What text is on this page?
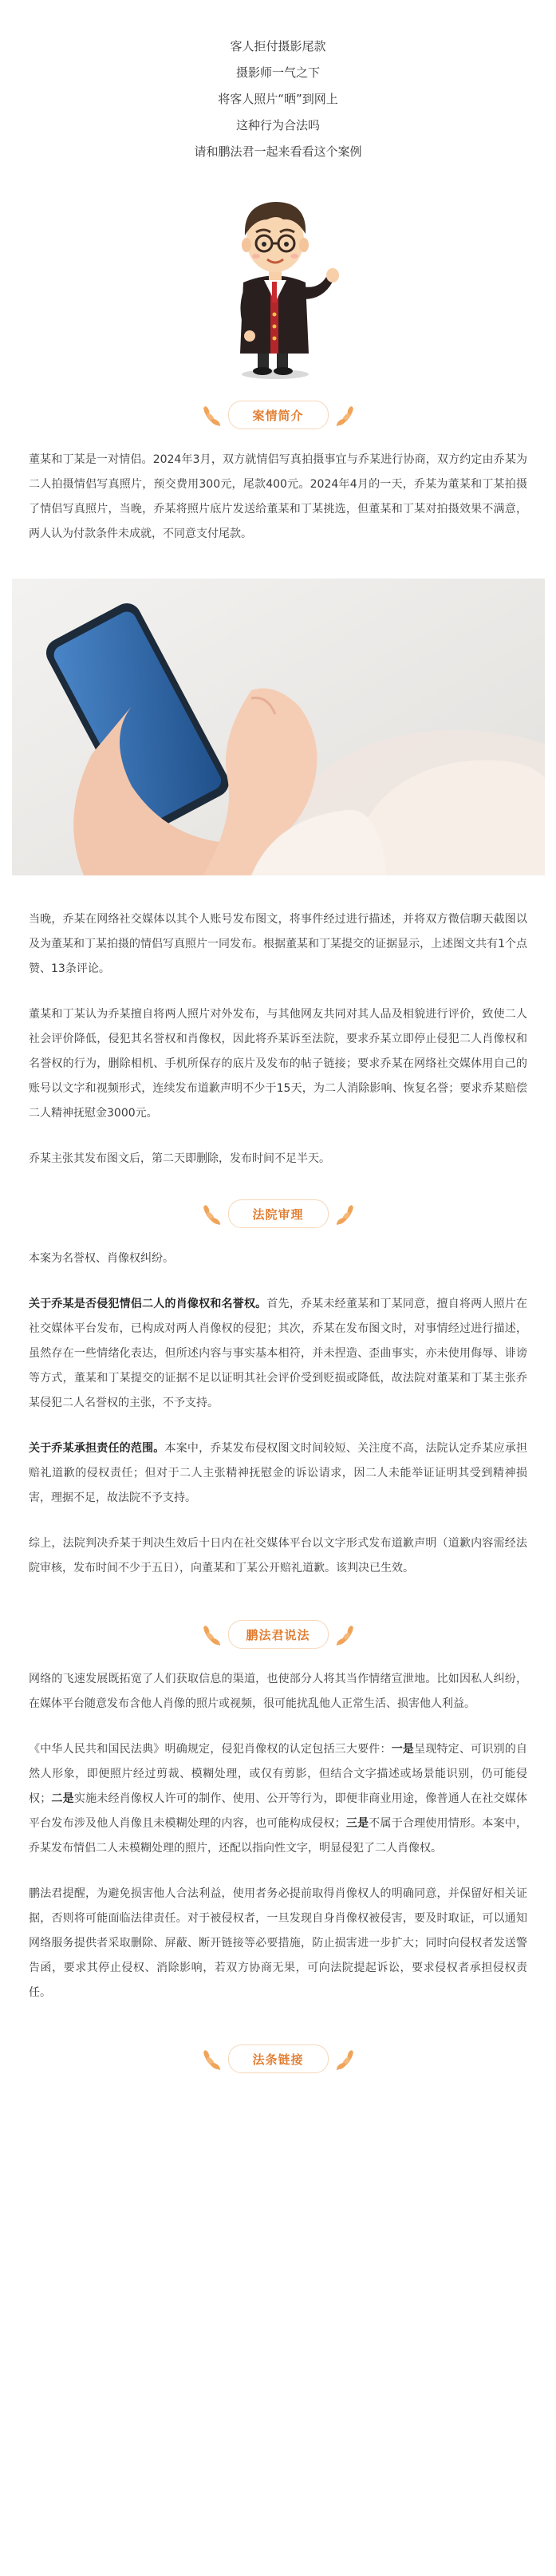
客人拒付摄影尾款
摄影师一气之下
将客人照片“晒”到网上
这种行为合法吗
请和鹏法君一起来看看这个案例
案情简介
董某和丁某是一对情侣。2024年3月，双方就情侣写真拍摄事宜与乔某进行协商，双方约定由乔某为二人拍摄情侣写真照片，预交费用300元，尾款400元。2024年4月的一天，乔某为董某和丁某拍摄了情侣写真照片，当晚，乔某将照片底片发送给董某和丁某挑选，但董某和丁某对拍摄效果不满意，两人认为付款条件未成就，不同意支付尾款。
当晚，乔某在网络社交媒体以其个人账号发布图文，将事件经过进行描述，并将双方微信聊天截图以及为董某和丁某拍摄的情侣写真照片一同发布。根据董某和丁某提交的证据显示，上述图文共有1个点赞、13条评论。
董某和丁某认为乔某擅自将两人照片对外发布，与其他网友共同对其人品及相貌进行评价，致使二人社会评价降低，侵犯其名誉权和肖像权，因此将乔某诉至法院，要求乔某立即停止侵犯二人肖像权和名誉权的行为，删除相机、手机所保存的底片及发布的帖子链接；要求乔某在网络社交媒体用自己的账号以文字和视频形式，连续发布道歉声明不少于15天，为二人消除影响、恢复名誉；要求乔某赔偿二人精神抚慰金3000元。
乔某主张其发布图文后，第二天即删除，发布时间不足半天。
法院审理
本案为名誉权、肖像权纠纷。
关于乔某是否侵犯情侣二人的肖像权和名誉权。首先，乔某未经董某和丁某同意，擅自将两人照片在社交媒体平台发布，已构成对两人肖像权的侵犯；其次，乔某在发布图文时，对事情经过进行描述，虽然存在一些情绪化表达，但所述内容与事实基本相符，并未捏造、歪曲事实，亦未使用侮辱、诽谤等方式，董某和丁某提交的证据不足以证明其社会评价受到贬损或降低，故法院对董某和丁某主张乔某侵犯二人名誉权的主张，不予支持。
关于乔某承担责任的范围。本案中，乔某发布侵权图文时间较短、关注度不高，法院认定乔某应承担赔礼道歉的侵权责任；但对于二人主张精神抚慰金的诉讼请求，因二人未能举证证明其受到精神损害，理据不足，故法院不予支持。
综上，法院判决乔某于判决生效后十日内在社交媒体平台以文字形式发布道歉声明（道歉内容需经法院审核，发布时间不少于五日），向董某和丁某公开赔礼道歉。该判决已生效。
鹏法君说法
网络的飞速发展既拓宽了人们获取信息的渠道，也使部分人将其当作情绪宣泄地。比如因私人纠纷，在媒体平台随意发布含他人肖像的照片或视频，很可能扰乱他人正常生活、损害他人利益。
《中华人民共和国民法典》明确规定，侵犯肖像权的认定包括三大要件：一是呈现特定、可识别的自然人形象，即便照片经过剪裁、模糊处理，或仅有剪影，但结合文字描述或场景能识别，仍可能侵权；二是实施未经肖像权人许可的制作、使用、公开等行为，即便非商业用途，像普通人在社交媒体平台发布涉及他人肖像且未模糊处理的内容，也可能构成侵权；三是不属于合理使用情形。本案中，乔某发布情侣二人未模糊处理的照片，还配以指向性文字，明显侵犯了二人肖像权。
鹏法君提醒，为避免损害他人合法利益，使用者务必提前取得肖像权人的明确同意，并保留好相关证据，否则将可能面临法律责任。对于被侵权者，一旦发现自身肖像权被侵害，要及时取证，可以通知网络服务提供者采取删除、屏蔽、断开链接等必要措施，防止损害进一步扩大；同时向侵权者发送警告函，要求其停止侵权、消除影响，若双方协商无果，可向法院提起诉讼，要求侵权者承担侵权责任。
法条链接
